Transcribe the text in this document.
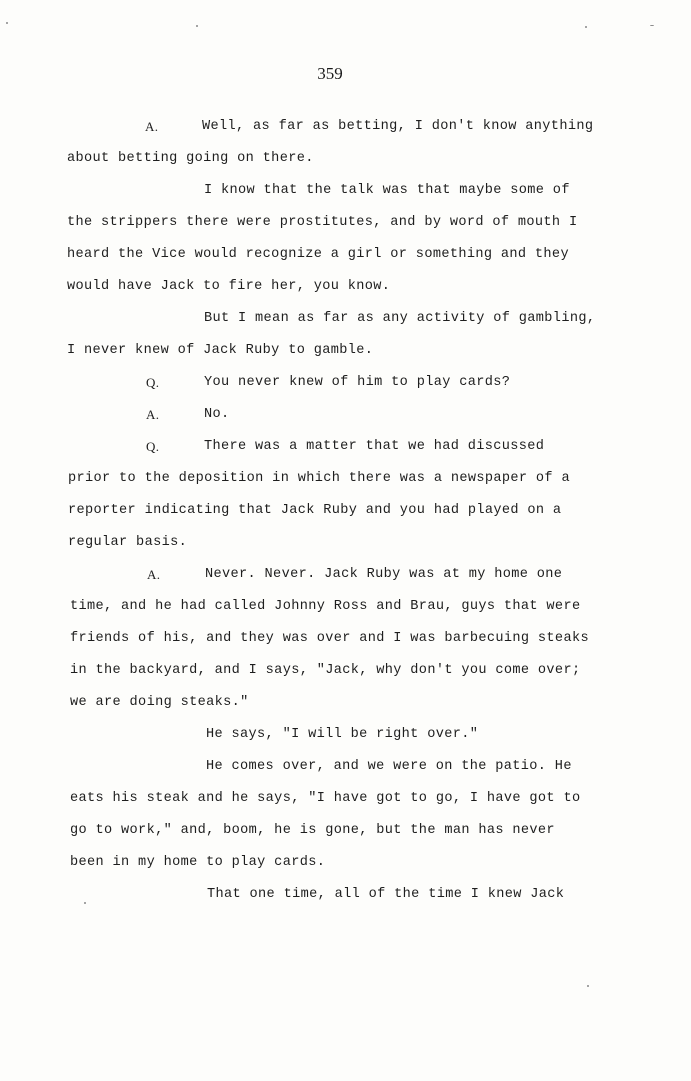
359
A.	Well, as far as betting, I don't know anything
about betting going on there.
I know that the talk was that maybe some of
the strippers there were prostitutes, and by word of mouth I
heard the Vice would recognize a girl or something and they
would have Jack to fire her, you know.
But I mean as far as any activity of gambling,
I never knew of Jack Ruby to gamble.
Q.	You never knew of him to play cards?
A.	No.
Q.	There was a matter that we had discussed
prior to the deposition in which there was a newspaper of a
reporter indicating that Jack Ruby and you had played on a
regular basis.
A.	Never. Never. Jack Ruby was at my home one
time, and he had called Johnny Ross and Brau, guys that were
friends of his, and they was over and I was barbecuing steaks
in the backyard, and I says, "Jack, why don't you come over;
we are doing steaks."
He says, "I will be right over."
He comes over, and we were on the patio. He
eats his steak and he says, "I have got to go, I have got to
go to work," and, boom, he is gone, but the man has never
been in my home to play cards.
That one time, all of the time I knew Jack
